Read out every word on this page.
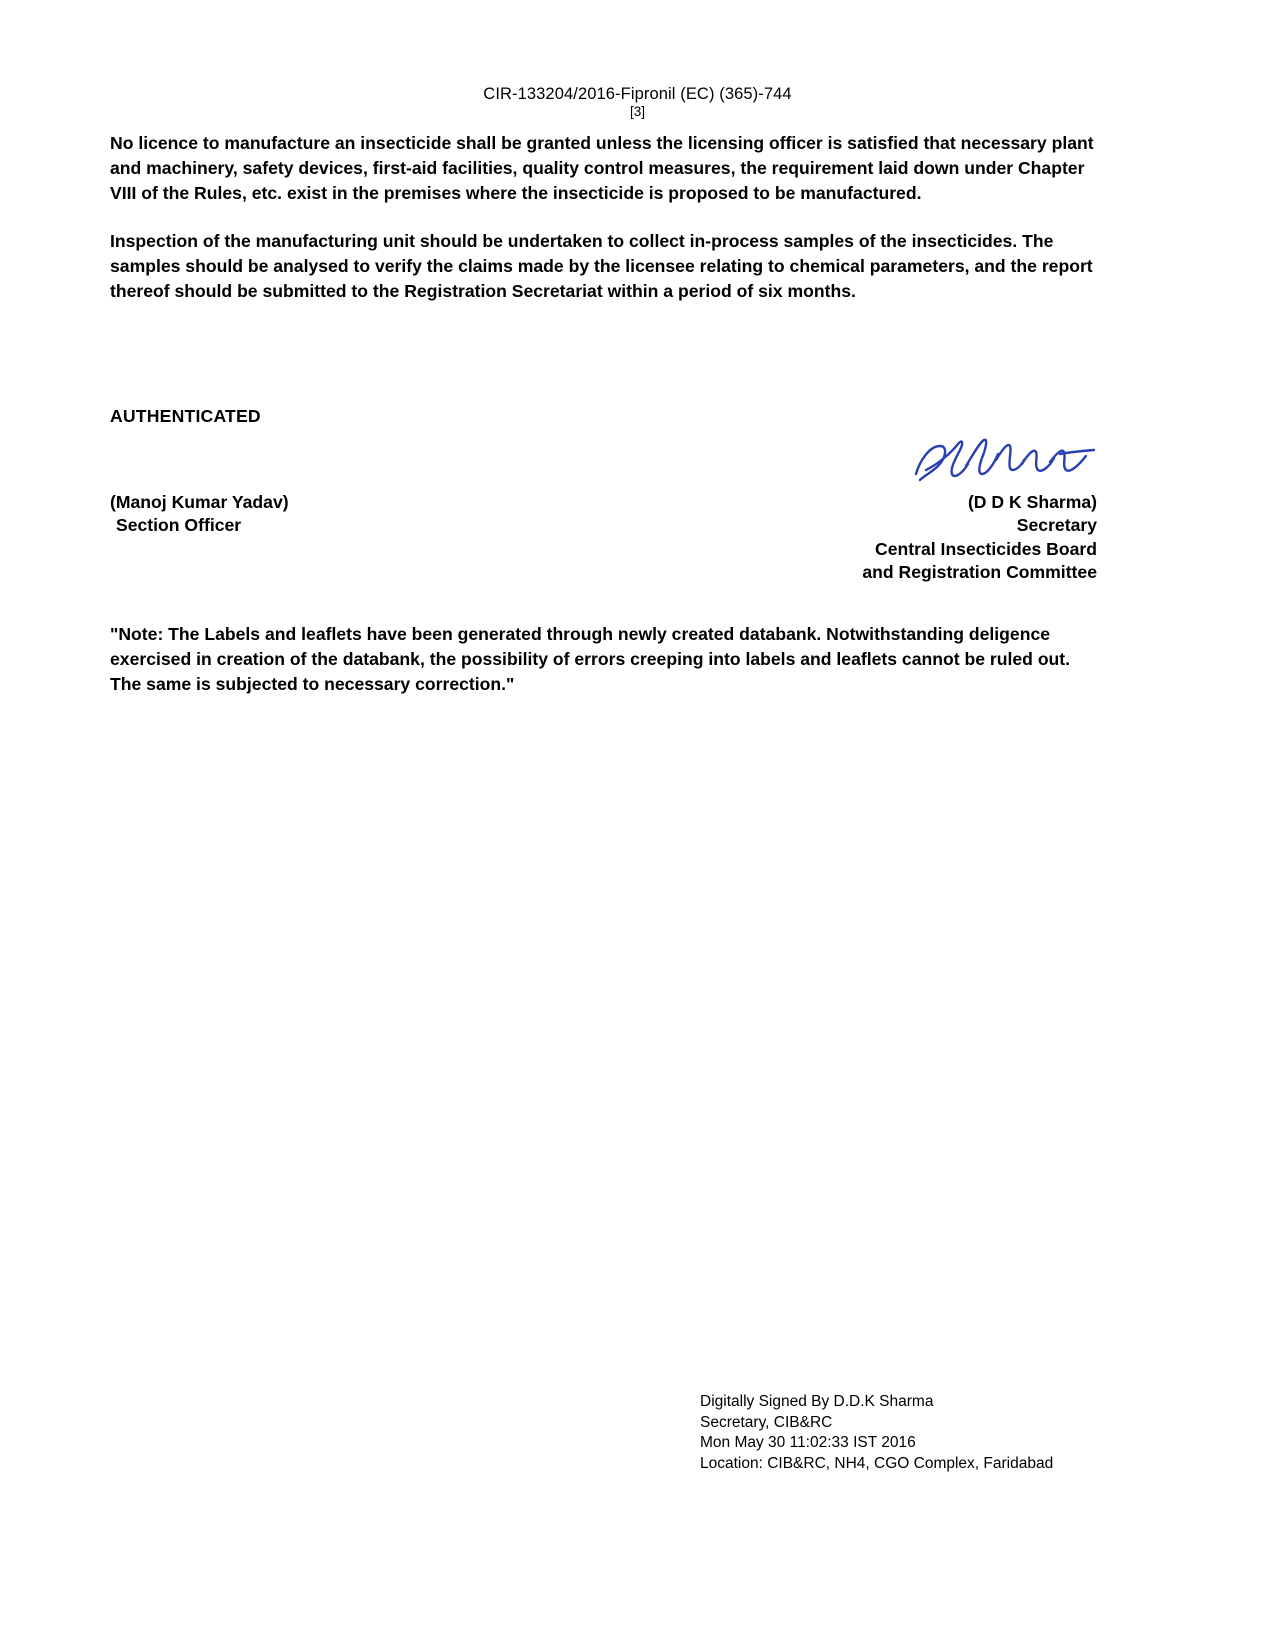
CIR-133204/2016-Fipronil (EC) (365)-744
[3]
No licence to manufacture an insecticide shall be granted unless the licensing officer is satisfied that necessary plant and machinery, safety devices, first-aid facilities, quality control measures, the requirement laid down under Chapter VIII of the Rules, etc. exist in the premises where the insecticide is proposed to be manufactured.
Inspection of the manufacturing unit should be undertaken to collect in-process samples of the insecticides. The samples should be analysed to verify the claims made by the licensee relating to chemical parameters, and the report thereof should be submitted to the Registration Secretariat within a period of six months.
AUTHENTICATED
(Manoj Kumar Yadav)
Section Officer
(D D K Sharma)
Secretary
Central Insecticides Board
and Registration Committee
"Note: The Labels and leaflets have been generated through newly created databank. Notwithstanding deligence exercised in creation of the databank, the possibility of errors creeping into labels and leaflets cannot be ruled out. The same is subjected to necessary correction."
Digitally Signed By D.D.K Sharma
Secretary, CIB&RC
Mon May 30 11:02:33 IST 2016
Location: CIB&RC, NH4, CGO Complex, Faridabad
